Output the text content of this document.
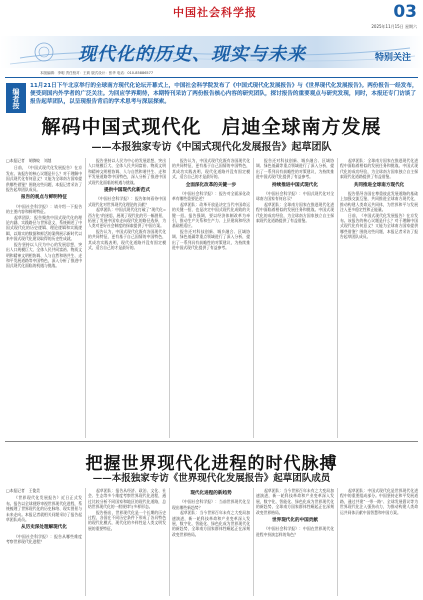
中国社会科学报	03
2025年11月15日 星期六
现代化的历史、现实与未来	特别关注
本版编辑：李明 责任校对：王莉 版式设计：张华 电话：010-85886577
编者按
11月21日下午北京举行的全球南方现代化论坛开幕式上，中国社会科学院发布了《中国式现代化发展报告》与《世界现代化发展报告》。两份报告一经发布，便受到国内外学者的广泛关注。为回应学界期待，本期特刊采访了两份报告核心内容的研究团队，探讨报告的重要观点与研究发现，同时，本报还专门访谈了报告起草团队，以呈现报告背后的学术思考与深层探索。
解码中国式现代化　启迪全球南方发展
——本报独家专访《中国式现代化发展报告》起草团队

□本报记者　胡腾蛟　刘越

日前，《中国式现代化发展报告》在京发布。该报告的核心议题是什么？对于理解中国式现代化有何意义？又能为全球南方国家提供哪些借鉴？围绕这些问题，本报记者采访了报告起草团队成员。

报告的观点与鲜明特征

《中国社会科学报》：请介绍一下报告的主要内容和鲜明特征。

起草团队：报告聚焦中国式现代化的理论内涵、实践路径与世界意义，系统阐述了中国式现代化的历史逻辑、理论逻辑和实践逻辑，以翔实的数据和鲜活的案例展示新时代以来中国式现代化建设取得的历史性成就。

报告坚持以人民为中心的发展思想，突出人口规模巨大、全体人民共同富裕、物质文明和精神文明相协调、人与自然和谐共生、走和平发展道路等中国特色，深入分析了推进中国式现代化面临的机遇与挑战。

报告坚持以人民为中心的发展思想，突出人口规模巨大、全体人民共同富裕、物质文明和精神文明相协调、人与自然和谐共生、走和平发展道路等中国特色，深入分析了推进中国式现代化面临的机遇与挑战。

提供中国现代化新范式

《中国社会科学报》：报告如何看待中国式现代化对世界现代化理论的贡献？

起草团队：中国式现代化打破了“现代化=西方化”的迷思，展现了现代化的另一幅图景，拓展了发展中国家走向现代化的路径选择，为人类对更好社会制度的探索提供了中国方案。

报告认为，中国式现代化既有各国现代化的共同特征，更有基于自己国情的中国特色，其成功实践表明，现代化道路并没有固定模式，适合自己的才是最好的。

报告认为，中国式现代化既有各国现代化的共同特征，更有基于自己国情的中国特色，其成功实践表明，现代化道路并没有固定模式，适合自己的才是最好的。

全面深化改革的关键一步

《中国社会科学报》：报告对全面深化改革有哪些重要论述？

起草团队：改革开放是决定当代中国命运的关键一招，也是决定中国式现代化成败的关键一招。报告强调，要以经济体制改革为牵引，推动生产关系和生产力、上层建筑和经济基础相适应。

报告还对科技创新、城乡融合、区域协调、绿色低碳等重点领域进行了深入分析，提出了一系列具有前瞻性的对策建议，为持续推进中国式现代化提供了有益参考。

报告还对科技创新、城乡融合、区域协调、绿色低碳等重点领域进行了深入分析，提出了一系列具有前瞻性的对策建议，为持续推进中国式现代化提供了有益参考。

持续推进中国式现代化

《中国社会科学报》：中国式现代化对全球南方国家有何启示？

起草团队：全球南方国家在推进现代化进程中面临着相似的发展任务和挑战。中国式现代化的成功经验，为全球南方国家独立自主探索现代化道路提供了有益借鉴。

起草团队：全球南方国家在推进现代化进程中面临着相似的发展任务和挑战。中国式现代化的成功经验，为全球南方国家独立自主探索现代化道路提供了有益借鉴。

共同推进全球南方现代化

报告倡导各国在尊重彼此发展道路的基础上加强交流互鉴，共同推进全球南方现代化，推动构建人类命运共同体，为世界和平与发展注入更多稳定性和正能量。

日前，《中国式现代化发展报告》在京发布。该报告的核心议题是什么？对于理解中国式现代化有何意义？又能为全球南方国家提供哪些借鉴？围绕这些问题，本报记者采访了报告起草团队成员。

把握世界现代化进程的时代脉搏
——本报独家专访《世界现代化发展报告》起草团队成员

□本报记者　王俊美

《世界现代化发展报告》近日正式发布。报告以全球视野审视世界现代化进程，系统梳理了世界现代化的历史脉络、现实图景与未来走向。本报记者就相关问题采访了报告起草团队成员。

从历史深处理解现代化

《中国社会科学报》：报告从哪些维度考察世界现代化进程？

起草团队：报告从经济、政治、文化、社会、生态等多个维度考察世界现代化进程，通过比较分析不同国家和地区的现代化道路，总结世界现代化的一般规律与多样形态。

报告指出，世界现代化是一个长期的历史过程，各国在不同历史条件下形成了各具特色的现代化模式，现代化的多样性是人类文明发展的重要特征。

现代化进程的新趋势

《中国社会科学报》：当前世界现代化呈现出哪些新趋势？

起草团队：当今世界百年未有之大变局加速演进，新一轮科技革命和产业变革深入发展，数字化、智能化、绿色化成为世界现代化的新趋势，全球南方国家群体性崛起正在深刻改变世界格局。

起草团队：当今世界百年未有之大变局加速演进，新一轮科技革命和产业变革深入发展，数字化、智能化、绿色化成为世界现代化的新趋势，全球南方国家群体性崛起正在深刻改变世界格局。

世界现代化的中国贡献

《中国社会科学报》：中国在世界现代化进程中扮演怎样的角色？

起草团队：中国式现代化是世界现代化进程中的重要组成部分。中国坚持走和平发展道路，通过共建“一带一路”、全球发展倡议等为世界现代化注入强劲动力，为推动构建人类命运共同体贡献中国智慧和中国方案。
